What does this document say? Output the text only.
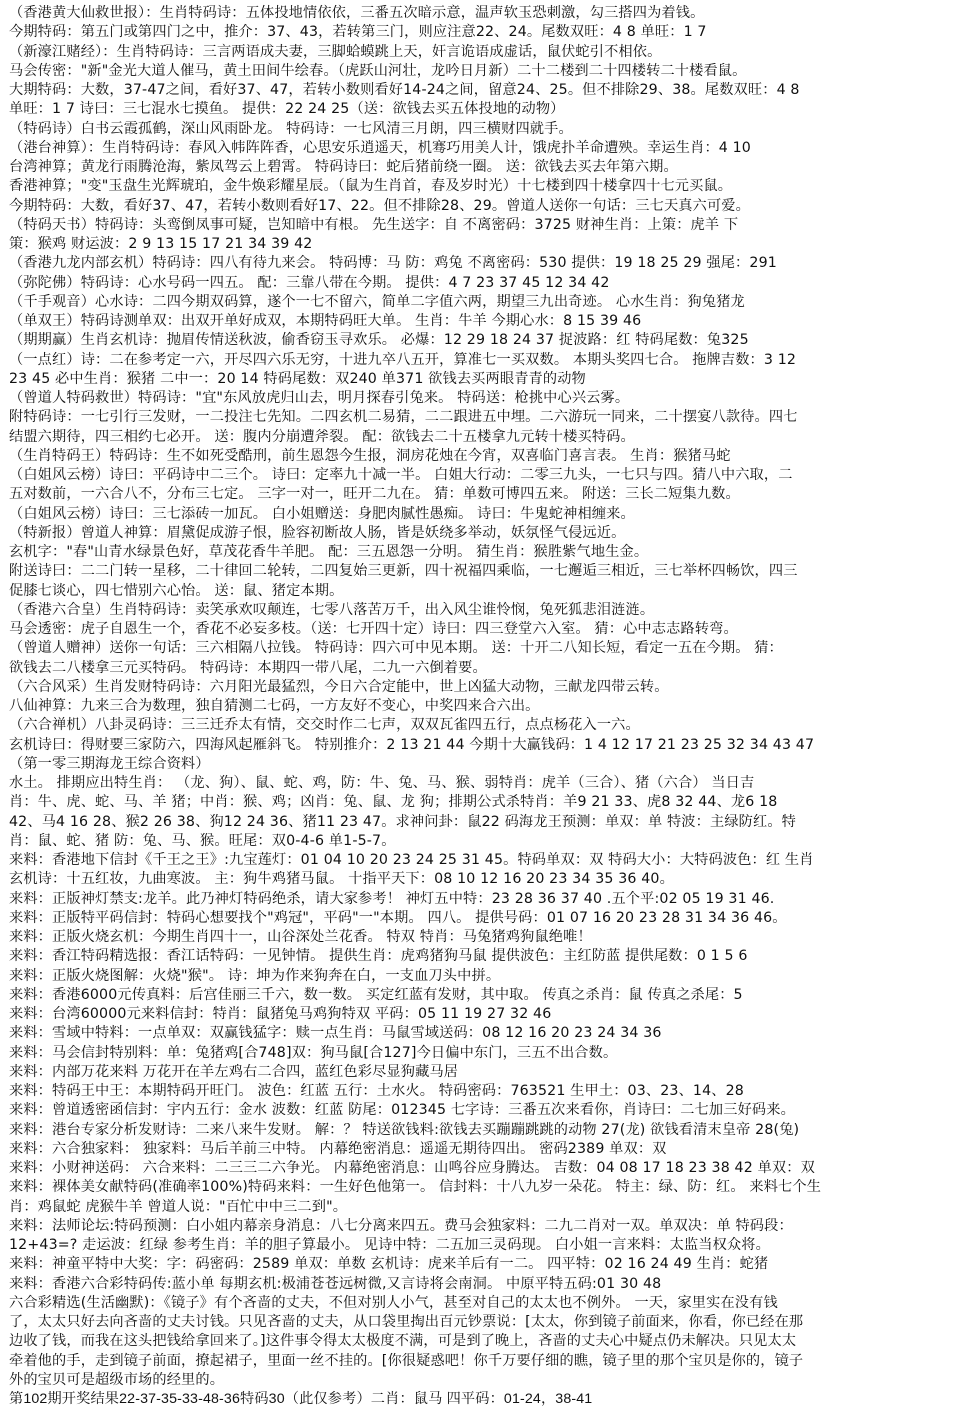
（香港黄大仙救世报）：生肖特码诗：五体投地情依依，三番五次暗示意，温声软玉恐刺激，勾三搭四为着钱。
今期特码：第五门或第四门之中，推介：37、43，若转第三门，则应注意22、24。尾数双旺：4 8 单旺：1 7
（新濠江赌经）：生肖特码诗：三言两语成夫妻，三脚蛤蟆跳上天，奸言诡语成虚话，鼠伏蛇引不相依。
马会传密："新"金光大道人催马，黄土田间牛绘春。（虎跃山河壮，龙吟日月新）二十二楼到二十四楼转二十楼看鼠。
大期特码：大数，37-47之间，看好37、47，若转小数则看好14-24之间，留意24、25。但不排除29、38。尾数双旺：4 8
单旺：1 7 诗曰：三七混水七摸鱼。 提供：22 24 25（送：欲钱去买五体投地的动物）
（特码诗）白书云霞孤鹤，深山风雨卧龙。 特码诗：一七风清三月朗，四三横财四就手。
（港台神算）：生肖特码诗：春风入帏阵阵香，心思安乐逍遥天，机骞巧用美人计，饿虎扑羊命遭殃。幸运生肖：4 10
台湾神算；黄龙行雨腾沧海，紫凤驾云上碧霄。 特码诗曰：蛇后猪前绕一圈。 送：欲钱去买去年第六期。
香港神算；"变"玉盘生光辉琥珀，金牛焕彩耀星辰。（鼠为生肖首，春及岁时光）十七楼到四十楼拿四十七元买鼠。
今期特码：大数，看好37、47，若转小数则看好17、22。但不排除28、29。曾道人送你一句话：三七天真六可爱。
（特码天书）特码诗：头鸾倒凤事可疑，岂知暗中有根。 先生送字：自 不离密码：3725 财神生肖：上策：虎羊 下
策：猴鸡 财运波：2 9 13 15 17 21 34 39 42
（香港九龙内部玄机）特码诗：四八有待九来会。 特码博：马 防：鸡兔 不离密码：530 提供：19 18 25 29 强尾：291
（弥陀佛）特码诗：心水号码一四五。 配：三靠八带在今期。 提供：4 7 23 37 45 12 34 42
（千手观音）心水诗：二四今期双码算，遂个一七不留六，简单二字值六两，期望三九出奇迹。 心水生肖：狗兔猪龙
（单双王）特码诗测单双：出双开单好成双，本期特码旺大单。 生肖：牛羊 今期心水：8 15 39 46
（期期赢）生肖玄机诗：抛眉传情送秋波，偷香窃玉寻欢乐。 必爆：12 29 18 24 37 捉波路：红 特码尾数：兔325
（一点红）诗：二在参考定一六，开尽四六乐无穷，十进九卒八五开，算准七一买双数。 本期头奖四七合。 拖牌吉数：3 12
23 45 必中生肖：猴猪 二中一：20 14 特码尾数：双240 单371 欲钱去买两眼青青的动物
（曾道人特码救世）特码诗："宜"东风放虎归山去，明月探春引兔来。 特码送：枪挑中心兴云雾。
附特码诗：一七引行三发财，一二投注七先知。二四玄机二易猜，二二跟进五中埋。二六游玩一同来，二十摆宴八款待。四七
结盟六期待，四三相约七必开。 送：腹内分崩遭斧裂。 配：欲钱去二十五楼拿九元转十楼买特码。
（生肖特码王）特码诗：生不如死受酷刑，前生恩怨今生报，洞房花烛在今宵，双喜临门喜言表。 生肖：猴猪马蛇
（白姐风云榜）诗曰：平码诗中二三个。 诗曰：定率九十减一半。 白姐大行动：二零三九头，一七只与四。猜八中六取，二
五对数前，一六合八不，分布三七定。 三字一对一，旺开二九在。 猜：单数可博四五来。 附送：三长二短集九数。
（白姐风云榜）诗曰：三七添砖一加瓦。 白小姐赠送：身肥肉腻性愚痴。 诗曰：牛鬼蛇神相缠来。
（特新报）曾道人神算：眉黛促成游子恨，脸容初断故人肠，皆是妖绕多举动，妖氛怪气侵远近。
玄机字："春"山青水绿景色好，草茂花香牛羊肥。 配：三五恩怨一分明。 猜生肖：猴胜紫气地生金。
附送诗曰：二二门转一星移，二十律回二轮转，二四复始三更新，四十祝福四乘临，一七邂逅三相近，三七举杯四畅饮，四三
促膝七谈心，四七惜别六心怡。 送：鼠、猪定本期。
（香港六合皇）生肖特码诗：卖笑承欢叹颠连，七零八落苦万千，出入风尘谁怜悯，兔死狐悲泪涟涟。
马会透密：虎子自恩生一个，香花不必妄多枝。（送：七开四十定）诗曰：四三登堂六入室。 猜：心中志志路转弯。
（曾道人赠神）送你一句话：三六相隔八拉钱。 特码诗：四六可中见本期。 送：十开二八知长短，看定一五在今期。 猜：
欲钱去二八楼拿三元买特码。 特码诗：本期四一带八尾，二九一六倒着要。
（六合风采）生肖发财特码诗：六月阳光最猛烈，今日六合定能中，世上凶猛大动物，三献龙四带云转。
八仙神算：九来三合为数理，独自猜测二七码，一方友好不变心，中奖四来合六出。
（六合禅机）八卦灵码诗：三三迁乔太有情，交交时作二七声，双双瓦雀四五行，点点杨花入一六。
玄机诗曰：得财要三家防六，四海风起雁斜飞。 特别推介：2 13 21 44 今期十大赢钱码：1 4 12 17 21 23 25 32 34 43 47
（第一零三期海龙王综合资料）
水土。 排期应出特生肖： （龙、狗）、鼠、蛇、鸡，防：牛、兔、马、猴、弱特肖：虎羊（三合）、猪（六合） 当日吉
肖：牛、虎、蛇、马、羊 猪；中肖：猴、鸡；凶肖：兔、鼠、龙 狗；排期公式杀特肖：羊9 21 33、虎8 32 44、龙6 18
42、马4 16 28、猴2 26 38、狗12 24 36、猪11 23 47。求神问卦：鼠22 码海龙王预测：单双：单 特波：主绿防红。特
肖：鼠、蛇、猪 防：兔、马、猴。旺尾：双0-4-6 单1-5-7。
来料：香港地下信封《千王之王》:九宝莲灯：01 04 10 20 23 24 25 31 45。特码单双：双 特码大小：大特码波色：红 生肖
玄机诗：十五红妆，九曲寒波。 主：狗牛鸡猪马鼠。 十指平天下：08 10 12 16 20 23 34 35 36 40。
来料：正版神灯禁支:龙羊。此乃神灯特码绝杀，请大家参考！ 神灯五中特：23 28 36 37 40 .五个平:02 05 19 31 46.
来料：正版特平码信封：特码心想要找个"鸡冠"，平码"一"本期。 四八。 提供号码：01 07 16 20 23 28 31 34 36 46。
来料：正版火烧玄机：今期生肖四十一，山谷深处兰花香。 特双 特肖：马兔猪鸡狗鼠绝唯！
来料：香江特码精选报：香江话特码：一见钟情。 提供生肖：虎鸡猪狗马鼠 提供波色：主红防蓝 提供尾数：0 1 5 6
来料：正版火烧图解：火烧"猴"。 诗：坤为作来狗奔在白，一支血刀头中拼。
来料：香港6000元传真料：后宫佳丽三千六，数一数。 买定红蓝有发财，其中取。 传真之杀肖：鼠 传真之杀尾：5
来料：台湾60000元来料信封：特肖：鼠猪兔马鸡狗特双 平码：05 11 19 27 32 46
来料：雪域中特料：一点单双：双赢钱猛字：赎一点生肖：马鼠雪域送码：08 12 16 20 23 24 34 36
来料：马会信封特别料：单：兔猪鸡[合748]双：狗马鼠[合127]今日偏中东门，三五不出合数。
来料：内部万花来料 万花开在羊左鸡右二合四，蓝红色彩尽显狗藏马居
来料：特码王中王：本期特码开旺门。 波色：红蓝 五行：土水火。 特码密码：763521 生甲土：03、23、14、28
来料：曾道透密函信封：宇内五行：金水 波数：红蓝 防尾：012345 七字诗：三番五次来看你，肖诗曰：二七加三好码来。
来料：港台专家分析发财诗：二来八来牛发财。 解：？ 特送欲钱料:欲钱去买蹦蹦跳跳的动物 27(龙) 欲钱看清末皇帝 28(兔)
来料：六合独家料： 独家料：马后羊前三中特。 内幕绝密消息：遥遥无期待四出。 密码2389 单双：双
来料：小财神送码： 六合来料：二三三二六争光。 内幕绝密消息：山鸣谷应身腾达。 吉数：04 08 17 18 23 38 42 单双：双
来料：裸体美女献特码(准确率100%)特码来料：一生好色他第一。 信封料：十八九岁一朵花。 特主：绿、防：红。 来料七个生
肖：鸡鼠蛇 虎猴牛羊 曾道人说："百忙中中三二到"。
来料：法师论坛:特码预测：白小姐内幕亲身消息：八七分离来四五。费马会独家料：二九二肖对一双。单双决：单 特码段：
12+43=? 走运波：红绿 参考生肖：羊的胆子算最小。 见诗中特：二五加三灵码现。 白小姐一言来料：太监当权众将。
来料：神童平特中大奖：字：码密码：2589 单双：单数 玄机诗：虎来羊后有一二。 四平特：02 16 24 49 生肖：蛇猪
来料：香港六合彩特码传:蓝小单 每期玄机:极浦苍苍远树微,又言诗将会南洞。 中原平特五码:01 30 48
六合彩精选(生活幽默)：《镜子》有个吝啬的丈夫，不但对别人小气，甚至对自己的太太也不例外。 一天，家里实在没有钱
了，太太只好去向吝啬的丈夫讨钱。只见吝啬的丈夫，从口袋里掏出百元钞票说：[太太，你到镜子前面来，你看，你已经在那
边收了钱，而我在这头把钱给拿回来了。]这件事令得太太极度不满，可是到了晚上，吝啬的丈夫心中疑点仍未解决。只见太太
牵着他的手，走到镜子前面，撩起裙子，里面一丝不挂的。[你很疑惑吧！你千万要仔细的瞧，镜子里的那个宝贝是你的，镜子
外的宝贝可是超级市场的经里的。
第102期开奖结果22-37-35-33-48-36特码30（此仅参考）二肖：鼠马 四平码：01-24，38-41
